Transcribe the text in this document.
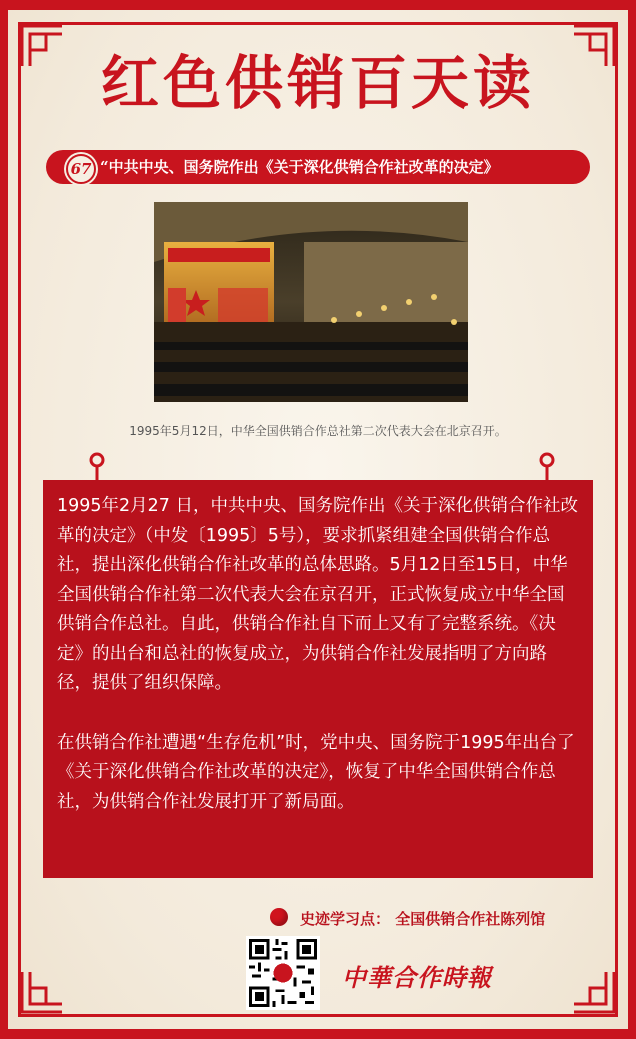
红色供销百天读
67 “中共中央、国务院作出《关于深化供销合作社改革的决定》
1995年5月12日，中华全国供销合作总社第二次代表大会在北京召开。

1995年2月27 日，中共中央、国务院作出《关于深化供销合作社改革的决定》（中发〔1995〕5号），要求抓紧组建全国供销合作总社，提出深化供销合作社改革的总体思路。5月12日至15日，中华全国供销合作社第二次代表大会在京召开，正式恢复成立中华全国供销合作总社。自此，供销合作社自下而上又有了完整系统。《决定》的出台和总社的恢复成立，为供销合作社发展指明了方向路径，提供了组织保障。

在供销合作社遭遇“生存危机”时，党中央、国务院于1995年出台了《关于深化供销合作社改革的决定》，恢复了中华全国供销合作总社，为供销合作社发展打开了新局面。

史迹学习点： 全国供销合作社陈列馆
中華合作時報
